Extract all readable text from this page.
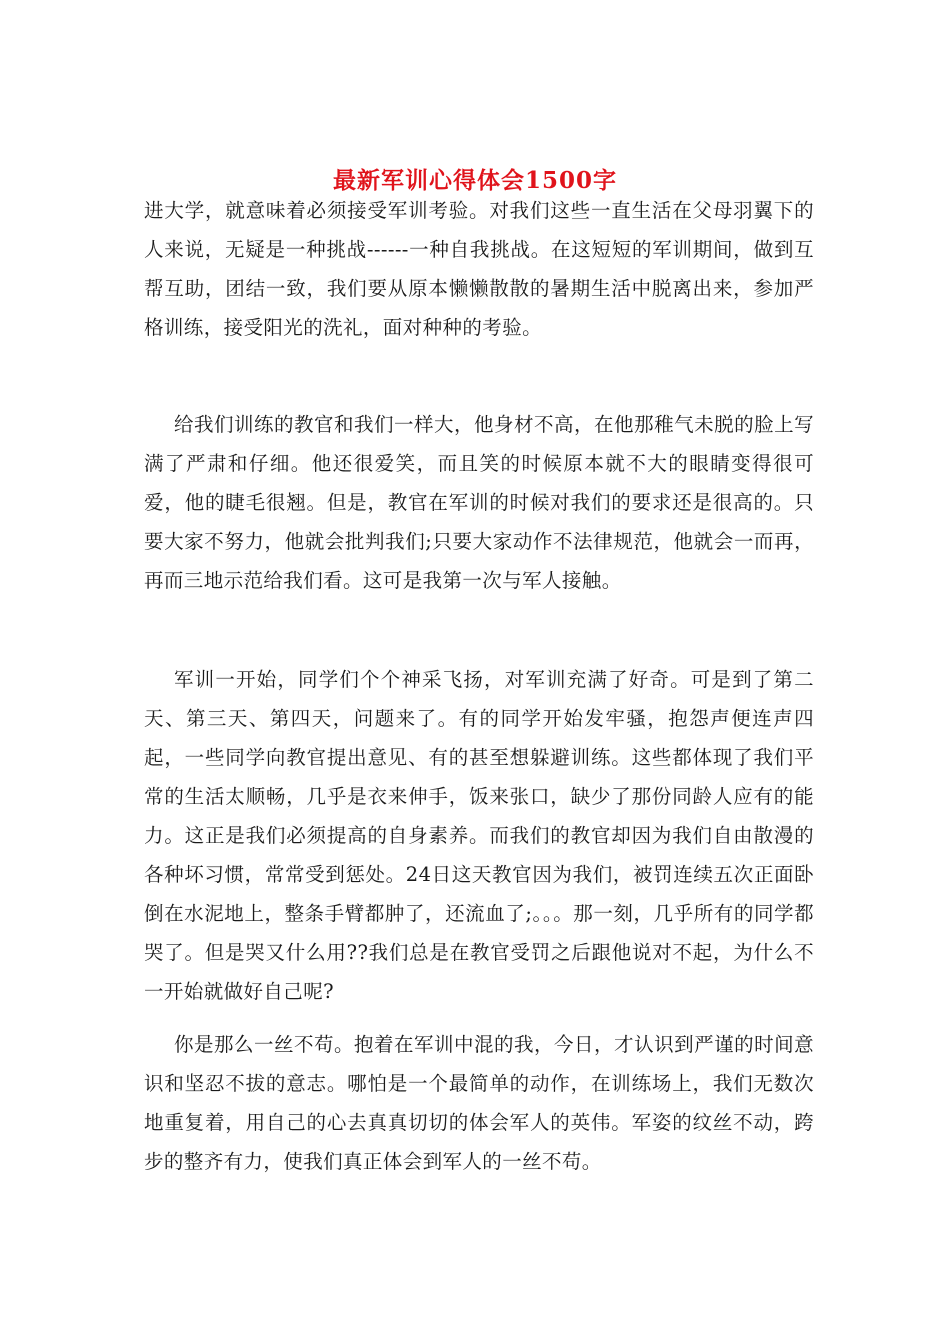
最新军训心得体会1500字

进大学，就意味着必须接受军训考验。对我们这些一直生活在父母羽翼下的人来说，无疑是一种挑战------一种自我挑战。在这短短的军训期间，做到互帮互助，团结一致，我们要从原本懒懒散散的暑期生活中脱离出来，参加严格训练，接受阳光的洗礼，面对种种的考验。

给我们训练的教官和我们一样大，他身材不高，在他那稚气未脱的脸上写满了严肃和仔细。他还很爱笑，而且笑的时候原本就不大的眼睛变得很可爱，他的睫毛很翘。但是，教官在军训的时候对我们的要求还是很高的。只要大家不努力，他就会批判我们;只要大家动作不法律规范，他就会一而再，再而三地示范给我们看。这可是我第一次与军人接触。

军训一开始，同学们个个神采飞扬，对军训充满了好奇。可是到了第二天、第三天、第四天，问题来了。有的同学开始发牢骚，抱怨声便连声四起，一些同学向教官提出意见、有的甚至想躲避训练。这些都体现了我们平常的生活太顺畅，几乎是衣来伸手，饭来张口，缺少了那份同龄人应有的能力。这正是我们必须提高的自身素养。而我们的教官却因为我们自由散漫的各种坏习惯，常常受到惩处。24日这天教官因为我们，被罚连续五次正面卧倒在水泥地上，整条手臂都肿了，还流血了;。。。那一刻，几乎所有的同学都哭了。但是哭又什么用??我们总是在教官受罚之后跟他说对不起，为什么不一开始就做好自己呢?

你是那么一丝不苟。抱着在军训中混的我，今日，才认识到严谨的时间意识和坚忍不拔的意志。哪怕是一个最简单的动作，在训练场上，我们无数次地重复着，用自己的心去真真切切的体会军人的英伟。军姿的纹丝不动，跨步的整齐有力，使我们真正体会到军人的一丝不苟。
